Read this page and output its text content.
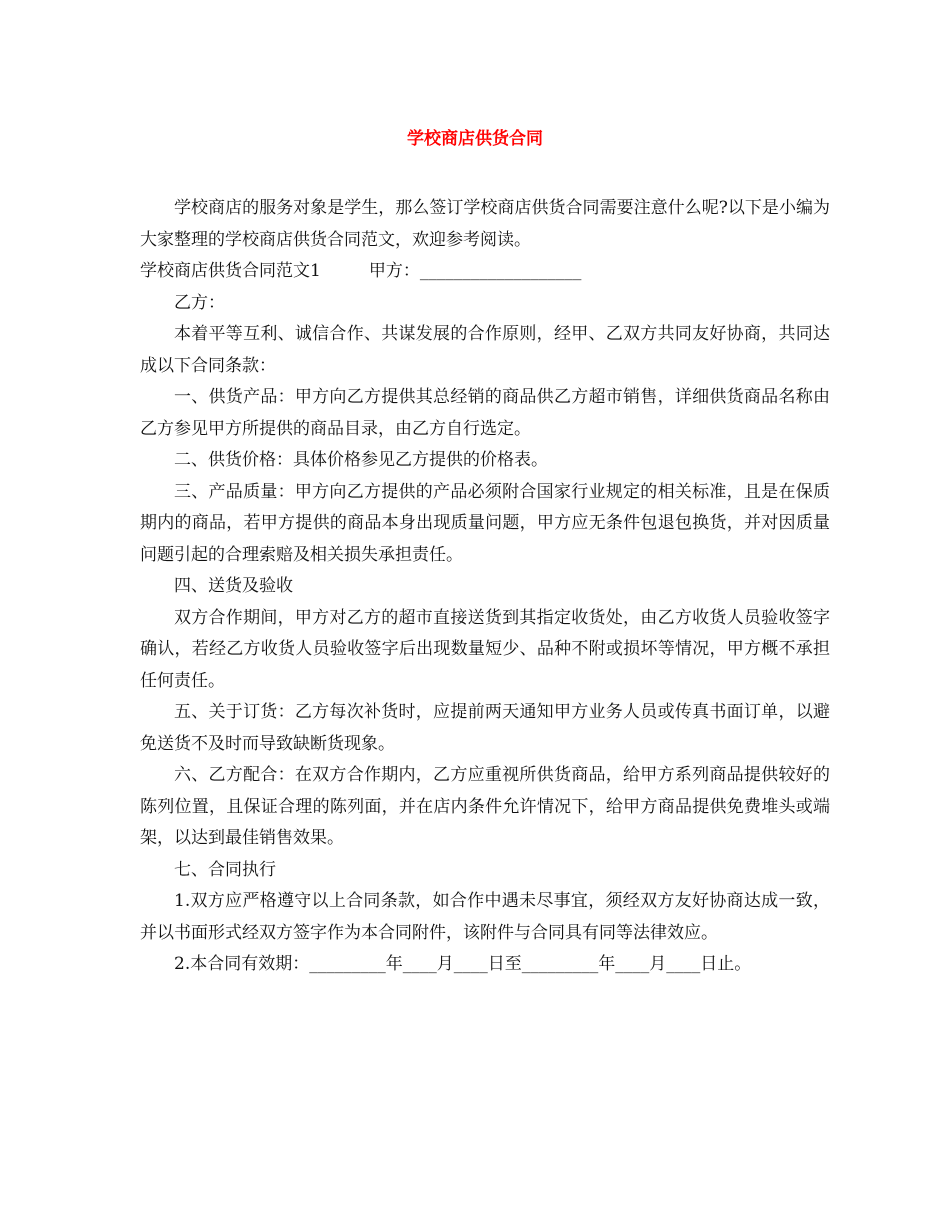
学校商店供货合同

学校商店的服务对象是学生，那么签订学校商店供货合同需要注意什么呢?以下是小编为大家整理的学校商店供货合同范文，欢迎参考阅读。

学校商店供货合同范文1	甲方：___________________

乙方：

本着平等互利、诚信合作、共谋发展的合作原则，经甲、乙双方共同友好协商，共同达成以下合同条款：

一、供货产品：甲方向乙方提供其总经销的商品供乙方超市销售，详细供货商品名称由乙方参见甲方所提供的商品目录，由乙方自行选定。

二、供货价格：具体价格参见乙方提供的价格表。

三、产品质量：甲方向乙方提供的产品必须附合国家行业规定的相关标准，且是在保质期内的商品，若甲方提供的商品本身出现质量问题，甲方应无条件包退包换货，并对因质量问题引起的合理索赔及相关损失承担责任。

四、送货及验收

双方合作期间，甲方对乙方的超市直接送货到其指定收货处，由乙方收货人员验收签字确认，若经乙方收货人员验收签字后出现数量短少、品种不附或损坏等情况，甲方概不承担任何责任。

五、关于订货：乙方每次补货时，应提前两天通知甲方业务人员或传真书面订单，以避免送货不及时而导致缺断货现象。

六、乙方配合：在双方合作期内，乙方应重视所供货商品，给甲方系列商品提供较好的陈列位置，且保证合理的陈列面，并在店内条件允许情况下，给甲方商品提供免费堆头或端架，以达到最佳销售效果。

七、合同执行

1.双方应严格遵守以上合同条款，如合作中遇未尽事宜，须经双方友好协商达成一致，并以书面形式经双方签字作为本合同附件，该附件与合同具有同等法律效应。

2.本合同有效期：_________年____月____日至_________年____月____日止。
